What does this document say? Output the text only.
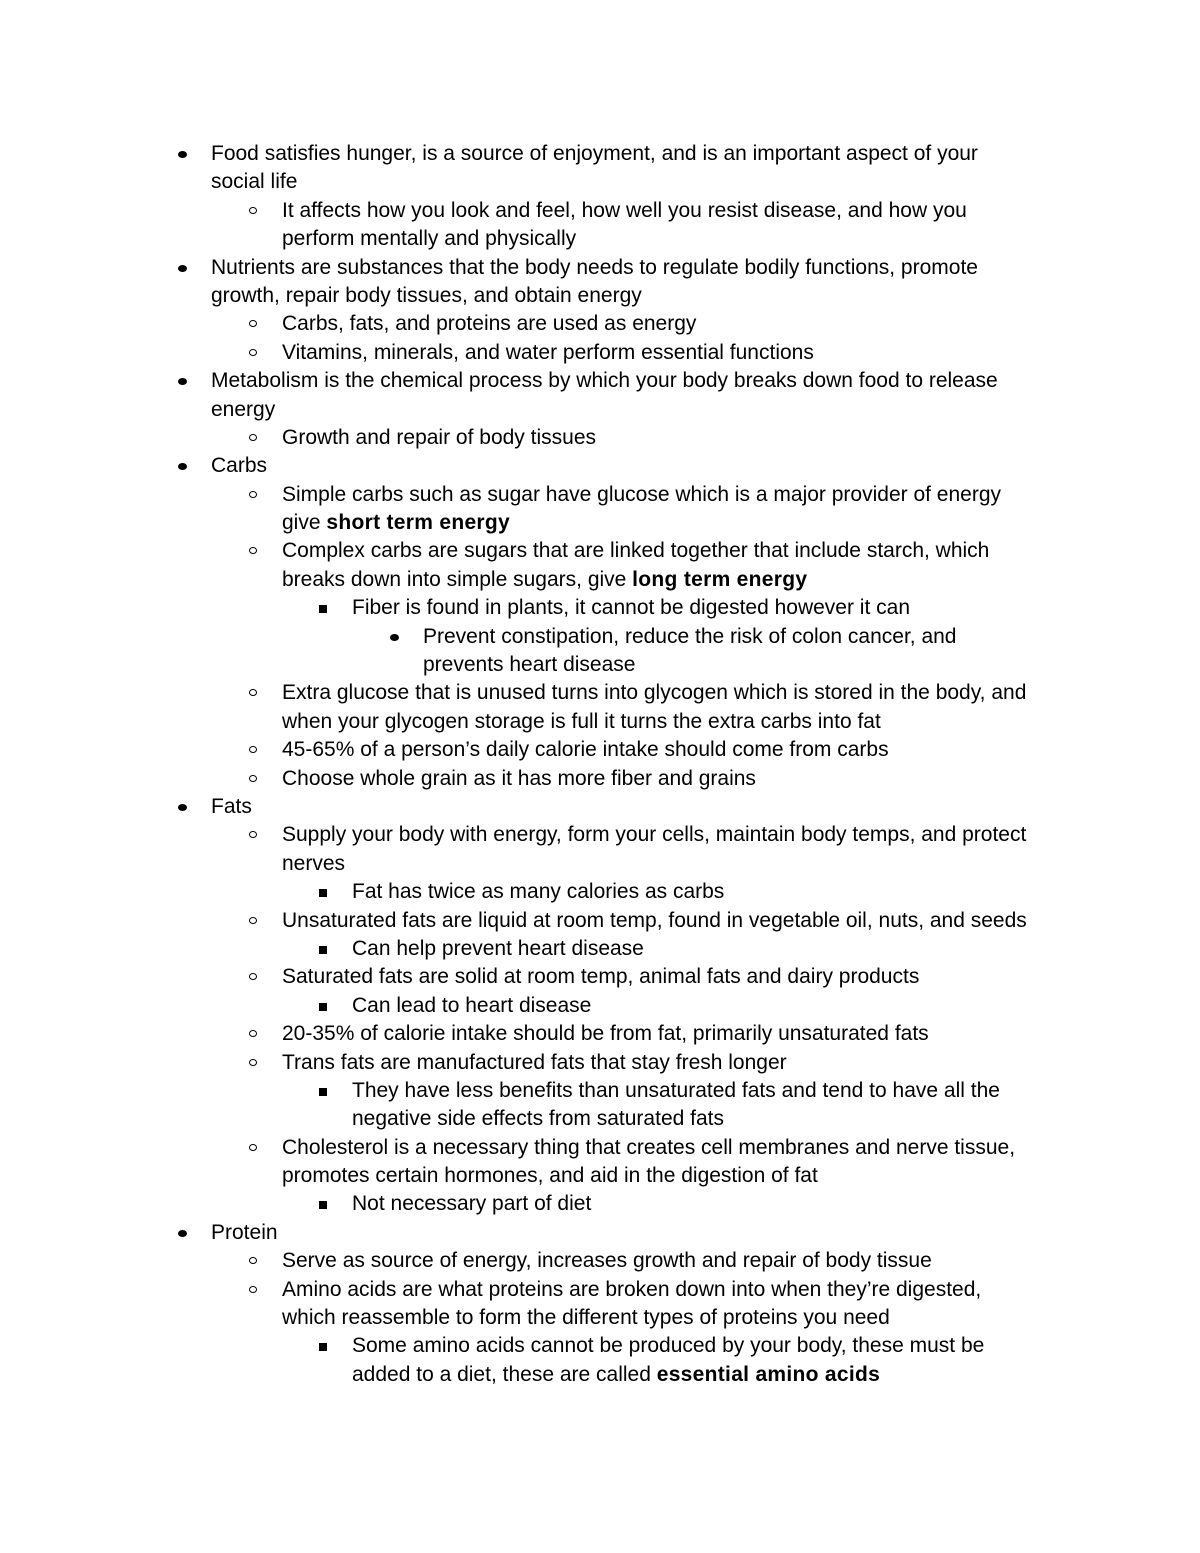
Food satisfies hunger, is a source of enjoyment, and is an important aspect of your
social life
It affects how you look and feel, how well you resist disease, and how you
perform mentally and physically
Nutrients are substances that the body needs to regulate bodily functions, promote
growth, repair body tissues, and obtain energy
Carbs, fats, and proteins are used as energy
Vitamins, minerals, and water perform essential functions
Metabolism is the chemical process by which your body breaks down food to release
energy
Growth and repair of body tissues
Carbs
Simple carbs such as sugar have glucose which is a major provider of energy
give short term energy
Complex carbs are sugars that are linked together that include starch, which
breaks down into simple sugars, give long term energy
Fiber is found in plants, it cannot be digested however it can
Prevent constipation, reduce the risk of colon cancer, and
prevents heart disease
Extra glucose that is unused turns into glycogen which is stored in the body, and
when your glycogen storage is full it turns the extra carbs into fat
45-65% of a person’s daily calorie intake should come from carbs
Choose whole grain as it has more fiber and grains
Fats
Supply your body with energy, form your cells, maintain body temps, and protect
nerves
Fat has twice as many calories as carbs
Unsaturated fats are liquid at room temp, found in vegetable oil, nuts, and seeds
Can help prevent heart disease
Saturated fats are solid at room temp, animal fats and dairy products
Can lead to heart disease
20-35% of calorie intake should be from fat, primarily unsaturated fats
Trans fats are manufactured fats that stay fresh longer
They have less benefits than unsaturated fats and tend to have all the
negative side effects from saturated fats
Cholesterol is a necessary thing that creates cell membranes and nerve tissue,
promotes certain hormones, and aid in the digestion of fat
Not necessary part of diet
Protein
Serve as source of energy, increases growth and repair of body tissue
Amino acids are what proteins are broken down into when they’re digested,
which reassemble to form the different types of proteins you need
Some amino acids cannot be produced by your body, these must be
added to a diet, these are called essential amino acids
